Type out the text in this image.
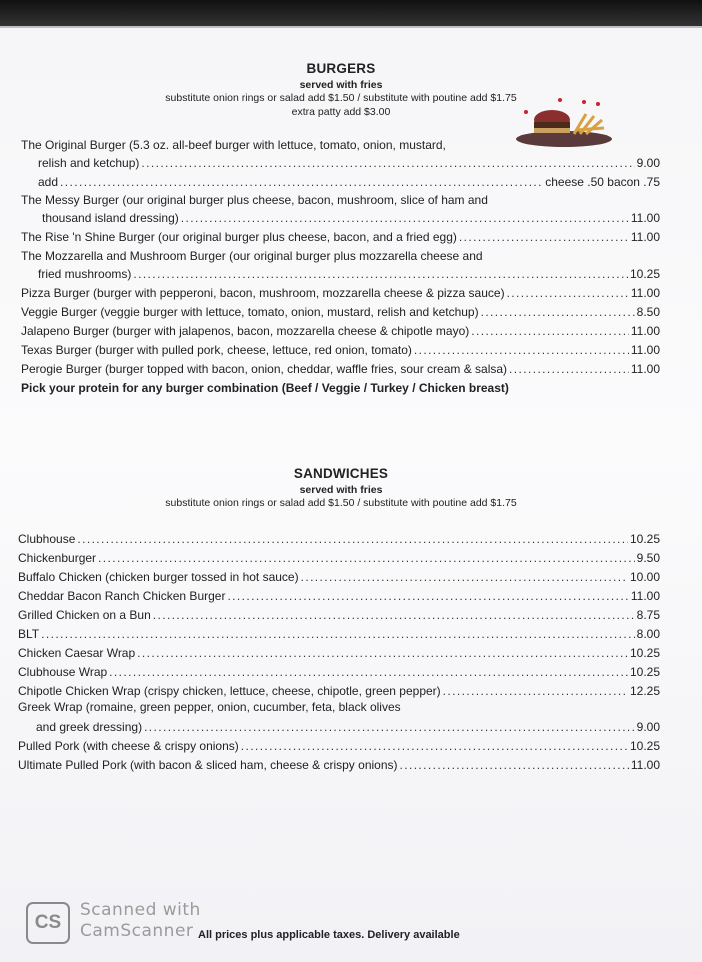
BURGERS
served with fries
substitute onion rings or salad add $1.50 / substitute with poutine add $1.75
extra patty add $3.00
The Original Burger (5.3 oz. all-beef burger with lettuce, tomato, onion, mustard,
relish and ketchup) .....	9.00
add .....	cheese .50 bacon .75
The Messy Burger (our original burger plus cheese, bacon, mushroom, slice of ham and
thousand island dressing) .....	11.00
The Rise 'n Shine Burger (our original burger plus cheese, bacon, and a fried egg) .....	11.00
The Mozzarella and Mushroom Burger (our original burger plus mozzarella cheese and
fried mushrooms) .....	10.25
Pizza Burger (burger with pepperoni, bacon, mushroom, mozzarella cheese & pizza sauce) .....	11.00
Veggie Burger (veggie burger with lettuce, tomato, onion, mustard, relish and ketchup) .....	8.50
Jalapeno Burger (burger with jalapenos, bacon, mozzarella cheese & chipotle mayo) .....	11.00
Texas Burger (burger with pulled pork, cheese, lettuce, red onion, tomato) .....	11.00
Perogie Burger (burger topped with bacon, onion, cheddar, waffle fries, sour cream & salsa) .....	11.00
Pick your protein for any burger combination (Beef / Veggie / Turkey / Chicken breast)
SANDWICHES
served with fries
substitute onion rings or salad add $1.50 / substitute with poutine add $1.75
Clubhouse .....	10.25
Chickenburger .....	9.50
Buffalo Chicken (chicken burger tossed in hot sauce) .....	10.00
Cheddar Bacon Ranch Chicken Burger .....	11.00
Grilled Chicken on a Bun .....	8.75
BLT .....	8.00
Chicken Caesar Wrap .....	10.25
Clubhouse Wrap .....	10.25
Chipotle Chicken Wrap (crispy chicken, lettuce, cheese, chipotle, green pepper) .....	12.25
Greek Wrap (romaine, green pepper, onion, cucumber, feta, black olives
and greek dressing) .....	9.00
Pulled Pork (with cheese & crispy onions) .....	10.25
Ultimate Pulled Pork (with bacon & sliced ham, cheese & crispy onions) .....	11.00
CS
Scanned with
CamScanner All prices plus applicable taxes. Delivery available
